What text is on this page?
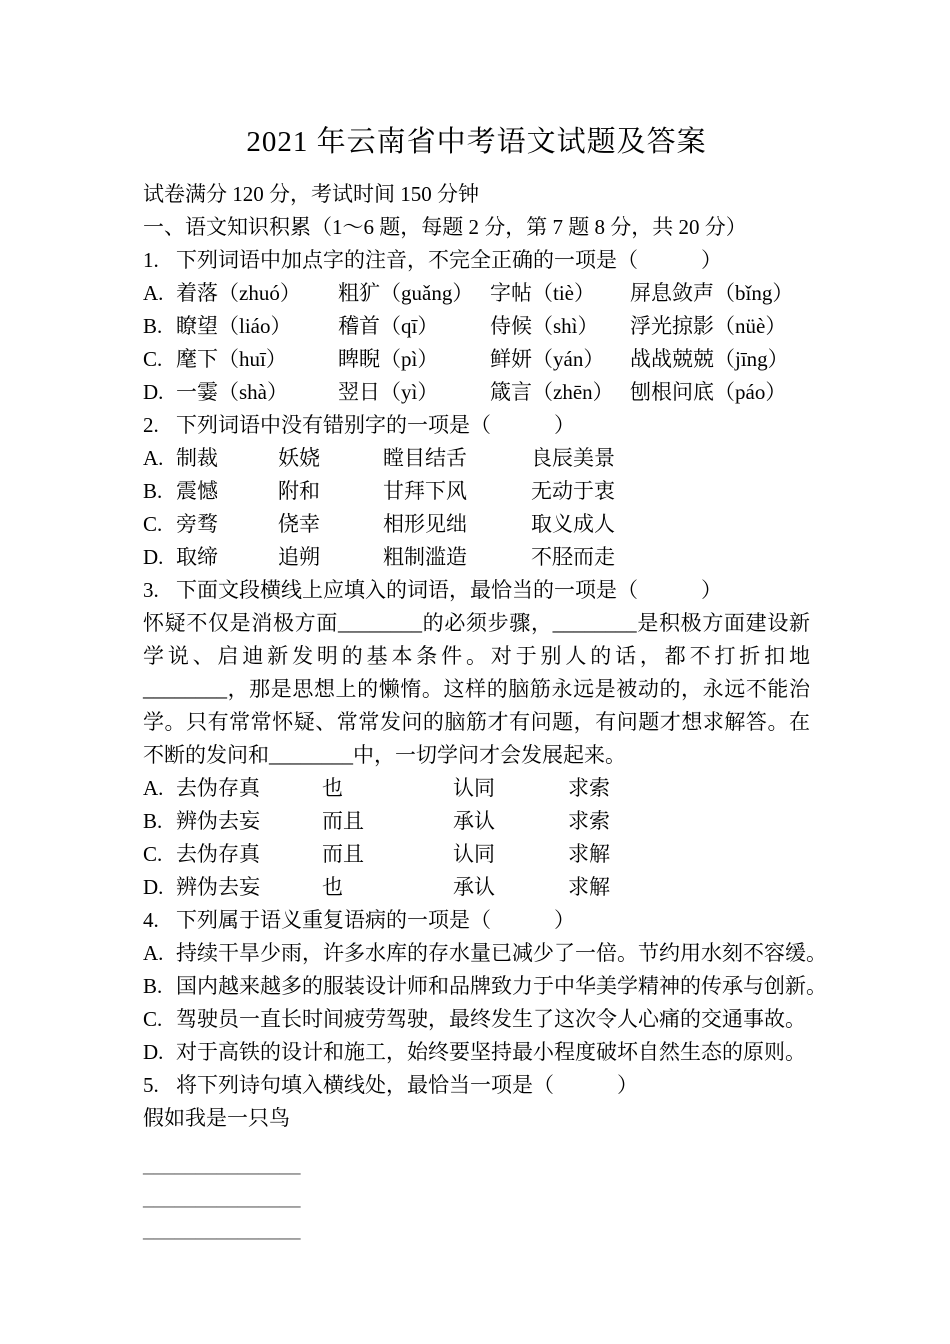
2021 年云南省中考语文试题及答案

试卷满分 120 分，考试时间 150 分钟

一、语文知识积累（1～6 题，每题 2 分，第 7 题 8 分，共 20 分）

1. 下列词语中加点字的注音，不完全正确的一项是（　　　）
A. 着落（zhuó）	粗犷（guǎng） 字帖（tiè）	屏息敛声（bǐng）
B. 瞭望（liáo）	稽首（qī）	侍候（shì）	浮光掠影（nüè）
C. 麾下（huī）	睥睨（pì）	鲜妍（yán）	战战兢兢（jīng）
D. 一霎（shà）	翌日（yì）	箴言（zhēn） 刨根问底（páo）
2. 下列词语中没有错别字的一项是（　　　）
A. 制裁	妖娆	瞠目结舌	良辰美景
B. 震憾	附和	甘拜下风	无动于衷
C. 旁骛	侥幸	相形见绌	取义成人
D. 取缔	追朔	粗制滥造	不胫而走
3. 下面文段横线上应填入的词语，最恰当的一项是（　　　）

怀疑不仅是消极方面________的必须步骤，________是积极方面建设新学说、启迪新发明的基本条件。对于别人的话，都不打折扣地________，那是思想上的懒惰。这样的脑筋永远是被动的，永远不能治学。只有常常怀疑、常常发问的脑筋才有问题，有问题才想求解答。在不断的发问和________中，一切学问才会发展起来。

A. 去伪存真	也	认同	求索
B. 辨伪去妄	而且	承认	求索
C. 去伪存真	而且	认同	求解
D. 辨伪去妄	也	承认	求解
4. 下列属于语义重复语病的一项是（　　　）
A. 持续干旱少雨，许多水库的存水量已减少了一倍。节约用水刻不容缓。
B. 国内越来越多的服装设计师和品牌致力于中华美学精神的传承与创新。
C. 驾驶员一直长时间疲劳驾驶，最终发生了这次令人心痛的交通事故。
D. 对于高铁的设计和施工，始终要坚持最小程度破坏自然生态的原则。
5. 将下列诗句填入横线处，最恰当一项是（　　　）

假如我是一只鸟

_______________
_______________
_______________
